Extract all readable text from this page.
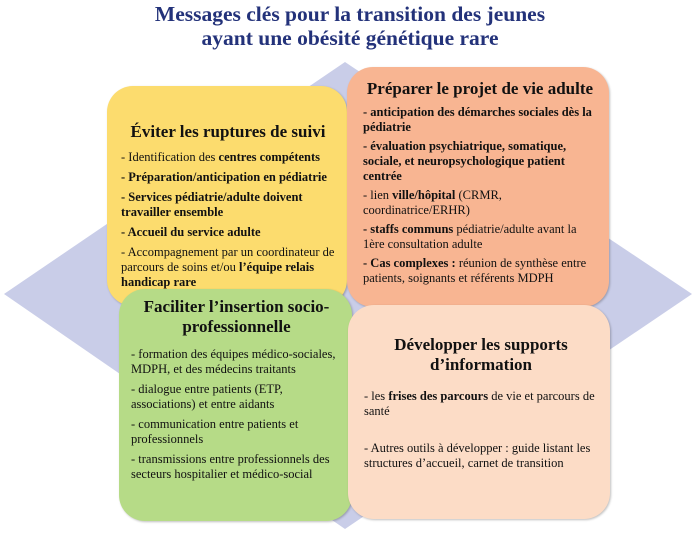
Messages clés pour la transition des jeunes
ayant une obésité génétique rare
Éviter les ruptures de suivi
- Identification des centres compétents
- Préparation/anticipation en pédiatrie
- Services pédiatrie/adulte doivent travailler ensemble
- Accueil du service adulte
- Accompagnement par un coordinateur de parcours de soins et/ou l’équipe relais handicap rare
Préparer le projet de vie adulte
- anticipation des démarches sociales dès la pédiatrie
- évaluation psychiatrique, somatique, sociale, et neuropsychologique patient centrée
- lien ville/hôpital (CRMR, coordinatrice/ERHR)
- staffs communs pédiatrie/adulte avant la 1ère consultation adulte
- Cas complexes : réunion de synthèse entre patients, soignants et référents MDPH
Faciliter l’insertion socio-professionnelle
- formation des équipes médico-sociales, MDPH, et des médecins traitants
- dialogue entre patients (ETP, associations) et entre aidants
- communication entre patients et professionnels
- transmissions entre professionnels des secteurs hospitalier et médico-social
Développer les supports d’information
- les frises des parcours de vie et parcours de santé
- Autres outils à développer : guide listant les structures d’accueil, carnet de transition
